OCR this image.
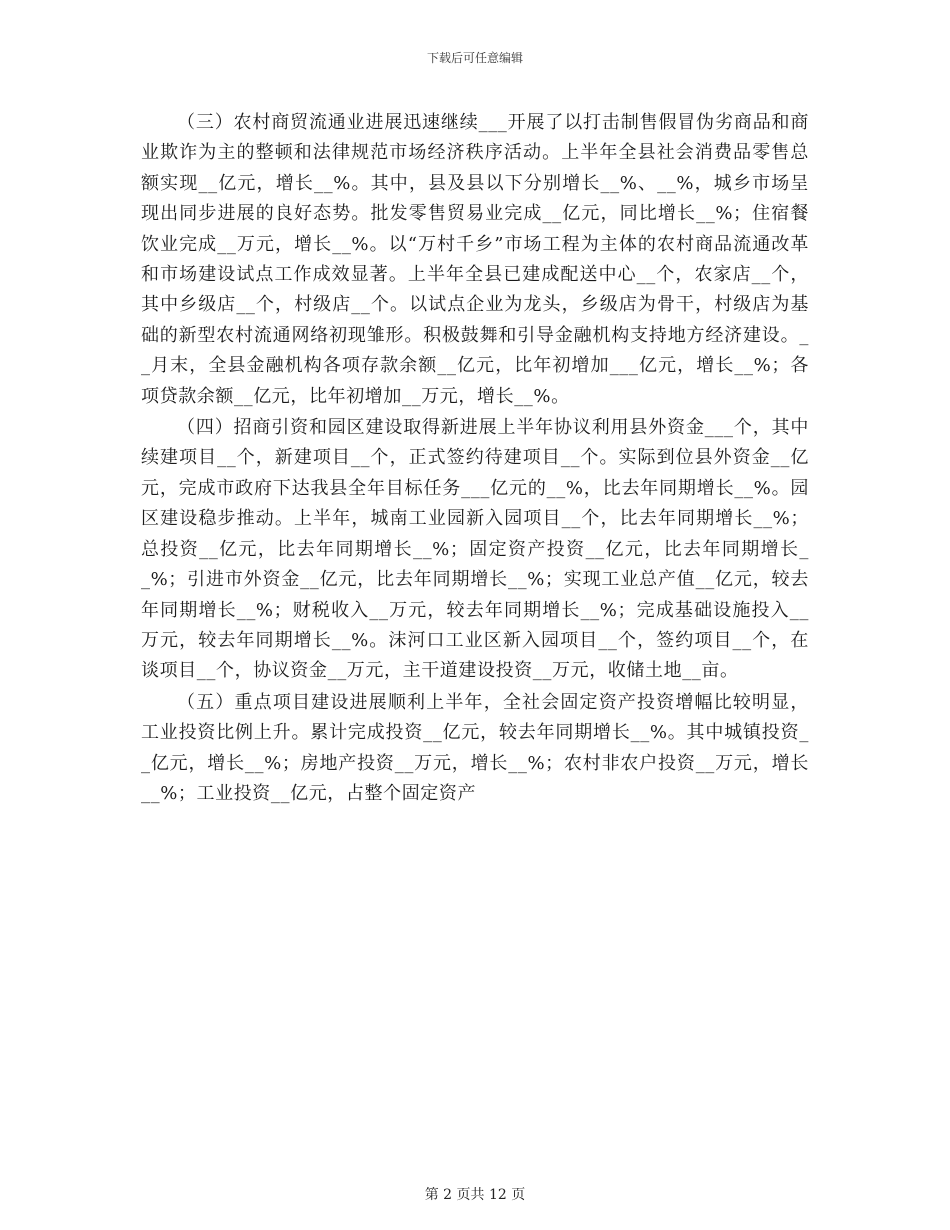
下载后可任意编辑

（三）农村商贸流通业进展迅速继续___开展了以打击制售假冒伪劣商品和商业欺诈为主的整顿和法律规范市场经济秩序活动。上半年全县社会消费品零售总额实现__亿元，增长__%。其中，县及县以下分别增长__%、__%，城乡市场呈现出同步进展的良好态势。批发零售贸易业完成__亿元，同比增长__%；住宿餐饮业完成__万元，增长__%。以“万村千乡”市场工程为主体的农村商品流通改革和市场建设试点工作成效显著。上半年全县已建成配送中心__个，农家店__个，其中乡级店__个，村级店__个。以试点企业为龙头，乡级店为骨干，村级店为基础的新型农村流通网络初现雏形。积极鼓舞和引导金融机构支持地方经济建设。__月末，全县金融机构各项存款余额__亿元，比年初增加___亿元，增长__%；各项贷款余额__亿元，比年初增加__万元，增长__%。

（四）招商引资和园区建设取得新进展上半年协议利用县外资金___个，其中续建项目__个，新建项目__个，正式签约待建项目__个。实际到位县外资金__亿元，完成市政府下达我县全年目标任务___亿元的__%，比去年同期增长__%。园区建设稳步推动。上半年，城南工业园新入园项目__个，比去年同期增长__%；总投资__亿元，比去年同期增长__%；固定资产投资__亿元，比去年同期增长__%；引进市外资金__亿元，比去年同期增长__%；实现工业总产值__亿元，较去年同期增长__%；财税收入__万元，较去年同期增长__%；完成基础设施投入__万元，较去年同期增长__%。沫河口工业区新入园项目__个，签约项目__个，在谈项目__个，协议资金__万元，主干道建设投资__万元，收储土地__亩。

（五）重点项目建设进展顺利上半年，全社会固定资产投资增幅比较明显，工业投资比例上升。累计完成投资__亿元，较去年同期增长__%。其中城镇投资__亿元，增长__%；房地产投资__万元，增长__%；农村非农户投资__万元，增长__%；工业投资__亿元，占整个固定资产

第 2 页共 12 页
